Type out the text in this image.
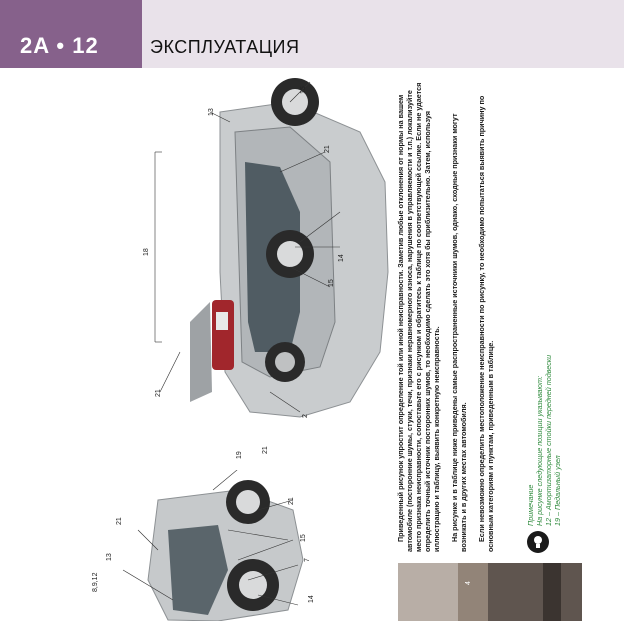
2A • 12	ЭКСПЛУАТАЦИЯ
13
15
21
18
14
15
21
2
21
19
21
21
13
8,9,12
15
7
14

Приведенный рисунок упростит определение той или иной неисправности. Заметив любые отклонения от нормы на вашем автомобиле (посторонние шумы, стуки, течи, признаки неравномерного износа, нарушения в управляемости и т.п.) локализуйте место признака неисправности, сопоставьте его с рисунком и обратитесь к таблице по соответствующей ссылке. Если не удается определить точный источник посторонних шумов, то необходимо сделать это хотя бы приблизительно. Затем, используя иллюстрацию и таблицу, выявить конкретную неисправность. На рисунке и в таблице ниже приведены самые распространенные источники шумов, однако, сходные признаки могут возникать и в других местах автомобиля. Если невозможно определить местоположение неисправности по рисунку, то необходимо попытаться выявить причину по основным категориям и пунктам, приведенным в таблице.	Примечание На рисунке следующие позиции указывают: 12 – Амортизаторные стойки передней подвески 19 – Педальный узел

4
